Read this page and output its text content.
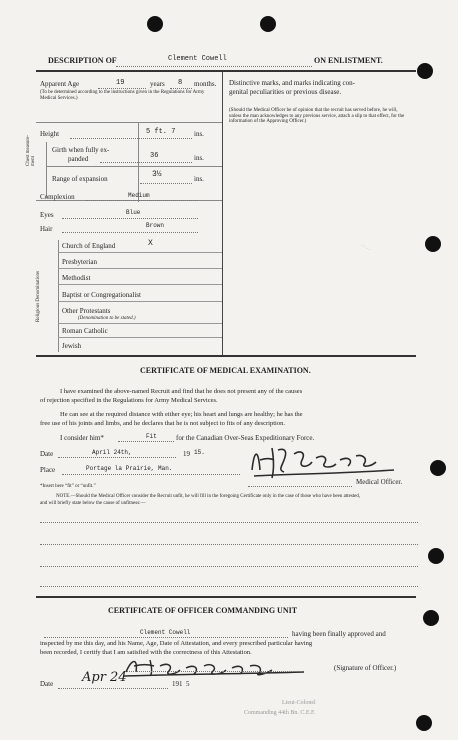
DESCRIPTION OF	Clement Cowell	ON ENLISTMENT.
Apparent Age	19	years 8 months.
(To be determined according to the instructions given in the Regulations for Army Medical Services.)
Distinctive marks, and marks indicating con-
genital peculiarities or previous disease.
(Should the Medical Officer be of opinion that the recruit has served before, he will, unless the man acknowledges to any previous service, attach a slip to that effect, for the information of the Approving Officer.)
Height	5 ft. 7	ins.
Chest measure-ment
Girth when fully ex-
panded	36	ins.
Range of expansion	3½	ins.
Complexion	Medium
Eyes	Blue
Hair	Brown
Religious Denominations
Church of England	X
Presbyterian
Methodist
Baptist or Congregationalist
Other Protestants
(Denomination to be stated.)
Roman Catholic
Jewish
· · · ·
CERTIFICATE OF MEDICAL EXAMINATION.
I have examined the above-named Recruit and find that he does not present any of the causes
of rejection specified in the Regulations for Army Medical Services.
He can see at the required distance with either eye; his heart and lungs are healthy; he has the
free use of his joints and limbs, and he declares that he is not subject to fits of any description.
I consider him*	Fit	for the Canadian Over-Seas Expeditionary Force.
Date	April 24th,	19 15.
Place	Portage la Prairie, Man.
Medical Officer.
*Insert here “fit” or “unfit.”
NOTE.—Should the Medical Officer consider the Recruit unfit, he will fill in the foregoing Certificate only in the case of those who have been attested,
and will briefly state below the cause of unfitness:—
CERTIFICATE OF OFFICER COMMANDING UNIT
Clement Cowell	having been finally approved and
inspected by me this day, and his Name, Age, Date of Attestation, and every prescribed particular having
been recorded, I certify that I am satisfied with the correctness of this Attestation.
(Signature of Officer.)
Date Apr 24	191 5
Lieut-Colonel
Commanding 44th Bn. C.E.F.
